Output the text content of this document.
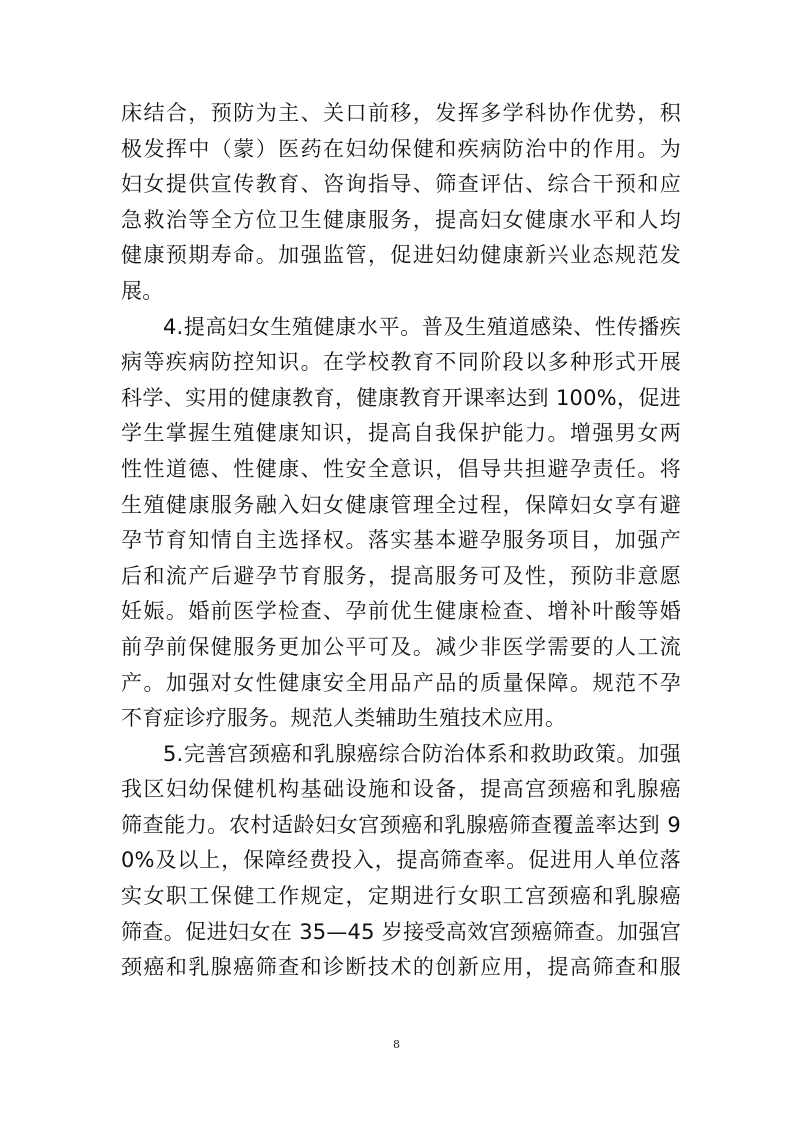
床结合，预防为主、关口前移，发挥多学科协作优势，积
极发挥中（蒙）医药在妇幼保健和疾病防治中的作用。为
妇女提供宣传教育、咨询指导、筛查评估、综合干预和应
急救治等全方位卫生健康服务，提高妇女健康水平和人均
健康预期寿命。加强监管，促进妇幼健康新兴业态规范发
展。
4.提高妇女生殖健康水平。普及生殖道感染、性传播疾
病等疾病防控知识。在学校教育不同阶段以多种形式开展
科学、实用的健康教育，健康教育开课率达到 100%，促进
学生掌握生殖健康知识，提高自我保护能力。增强男女两
性性道德、性健康、性安全意识，倡导共担避孕责任。将
生殖健康服务融入妇女健康管理全过程，保障妇女享有避
孕节育知情自主选择权。落实基本避孕服务项目，加强产
后和流产后避孕节育服务，提高服务可及性，预防非意愿
妊娠。婚前医学检查、孕前优生健康检查、增补叶酸等婚
前孕前保健服务更加公平可及。减少非医学需要的人工流
产。加强对女性健康安全用品产品的质量保障。规范不孕
不育症诊疗服务。规范人类辅助生殖技术应用。
5.完善宫颈癌和乳腺癌综合防治体系和救助政策。加强
我区妇幼保健机构基础设施和设备，提高宫颈癌和乳腺癌
筛查能力。农村适龄妇女宫颈癌和乳腺癌筛查覆盖率达到 9
0%及以上，保障经费投入，提高筛查率。促进用人单位落
实女职工保健工作规定，定期进行女职工宫颈癌和乳腺癌
筛查。促进妇女在 35—45 岁接受高效宫颈癌筛查。加强宫
颈癌和乳腺癌筛查和诊断技术的创新应用，提高筛查和服
8
